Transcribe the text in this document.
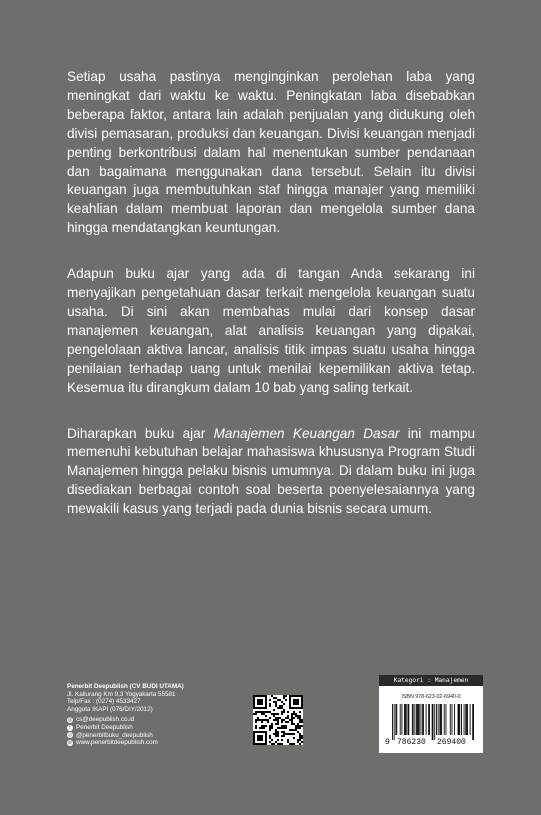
Setiap usaha pastinya menginginkan perolehan laba yang meningkat dari waktu ke waktu. Peningkatan laba disebabkan beberapa faktor, antara lain adalah penjualan yang didukung oleh divisi pemasaran, produksi dan keuangan. Divisi keuangan menjadi penting berkontribusi dalam hal menentukan sumber pendanaan dan bagaimana menggunakan dana tersebut. Selain itu divisi keuangan juga membutuhkan staf hingga manajer yang memiliki keahlian dalam membuat laporan dan mengelola sumber dana hingga mendatangkan keuntungan.

Adapun buku ajar yang ada di tangan Anda sekarang ini menyajikan pengetahuan dasar terkait mengelola keuangan suatu usaha. Di sini akan membahas mulai dari konsep dasar manajemen keuangan, alat analisis keuangan yang dipakai, pengelolaan aktiva lancar, analisis titik impas suatu usaha hingga penilaian terhadap uang untuk menilai kepemilikan aktiva tetap. Kesemua itu dirangkum dalam 10 bab yang saling terkait.

Diharapkan buku ajar Manajemen Keuangan Dasar ini mampu memenuhi kebutuhan belajar mahasiswa khususnya Program Studi Manajemen hingga pelaku bisnis umumnya. Di dalam buku ini juga disediakan berbagai contoh soal beserta poenyelesaiannya yang mewakili kasus yang terjadi pada dunia bisnis secara umum.

Penerbit Deepublish (CV BUDI UTAMA)
Jl. Kaliurang Km 9,3 Yogyakarta 55581
Telp/Fax : (0274) 4533427
Anggota IKAPI (076/DIY/2012)
@ cs@deepublish.co.id
f Penerbit Deepublish
◎ @penerbitbuku_deepublish
⊕ www.penerbitdeepublish.com
Kategori : Manajemen
ISBN 978-623-02-6940-0
9 786230 269400
